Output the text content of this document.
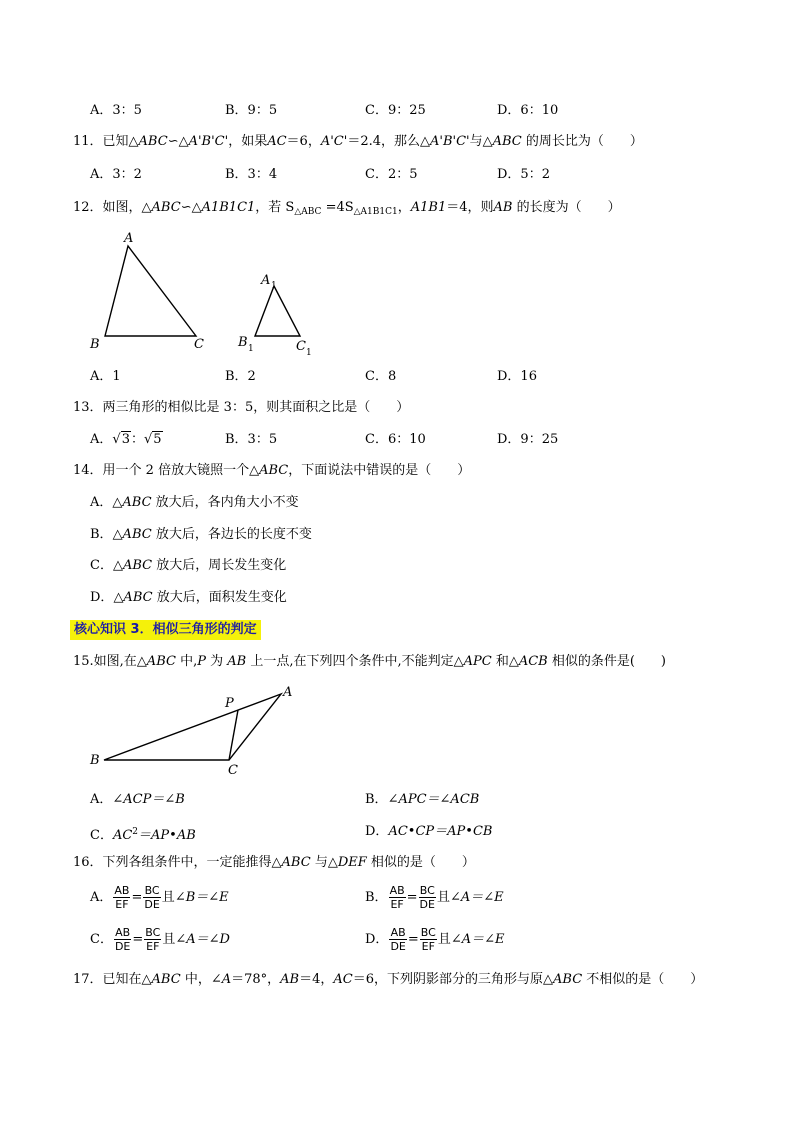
A．3：5	B．9：5	C．9：25	D．6：10
11．已知△ABC∽△A'B'C'，如果AC＝6，A'C'＝2.4，那么△A'B'C'与△ABC 的周长比为（　　）
A．3：2	B．3：4	C．2：5	D．5：2
12．如图，△ABC∽△A1B1C1，若 $S_{\triangle ABC} =4S_{\triangle A1B1C1}$，A1B1＝4，则AB 的长度为（　　）
A
B	C
A 1
B 1	C 1
A．1	B．2	C．8	D．16
13．两三角形的相似比是 3：5，则其面积之比是（　　）
A．√3：√5	B．3：5	C．6：10	D．9：25
14．用一个 2 倍放大镜照一个△ABC，下面说法中错误的是（　　）
A．△ABC 放大后，各内角大小不变
B．△ABC 放大后，各边长的长度不变
C．△ABC 放大后，周长发生变化
D．△ABC 放大后，面积发生变化
核心知识 3．相似三角形的判定
15.如图,在△ABC 中,P 为 AB 上一点,在下列四个条件中,不能判定△APC 和△ACB 相似的条件是(　　)
P
A
B
C
A．∠ACP＝∠B	B．∠APC＝∠ACB
C．$AC^2=AP•AB$	D．AC•CP＝AP•CB
16．下列各组条件中，一定能推得△ABC 与△DEF 相似的是（　　）
A． $\frac{AB}{EF} = \frac{BC}{DE}$ 且∠B＝∠E	B． $\frac{AB}{EF} = \frac{BC}{DE}$ 且∠A＝∠E
C． $\frac{AB}{DE} = \frac{BC}{EF}$ 且∠A＝∠D	D． $\frac{AB}{DE} = \frac{BC}{EF}$ 且∠A＝∠E
17．已知在△ABC 中，∠A＝78°，AB＝4，AC＝6，下列阴影部分的三角形与原△ABC 不相似的是（　　）
